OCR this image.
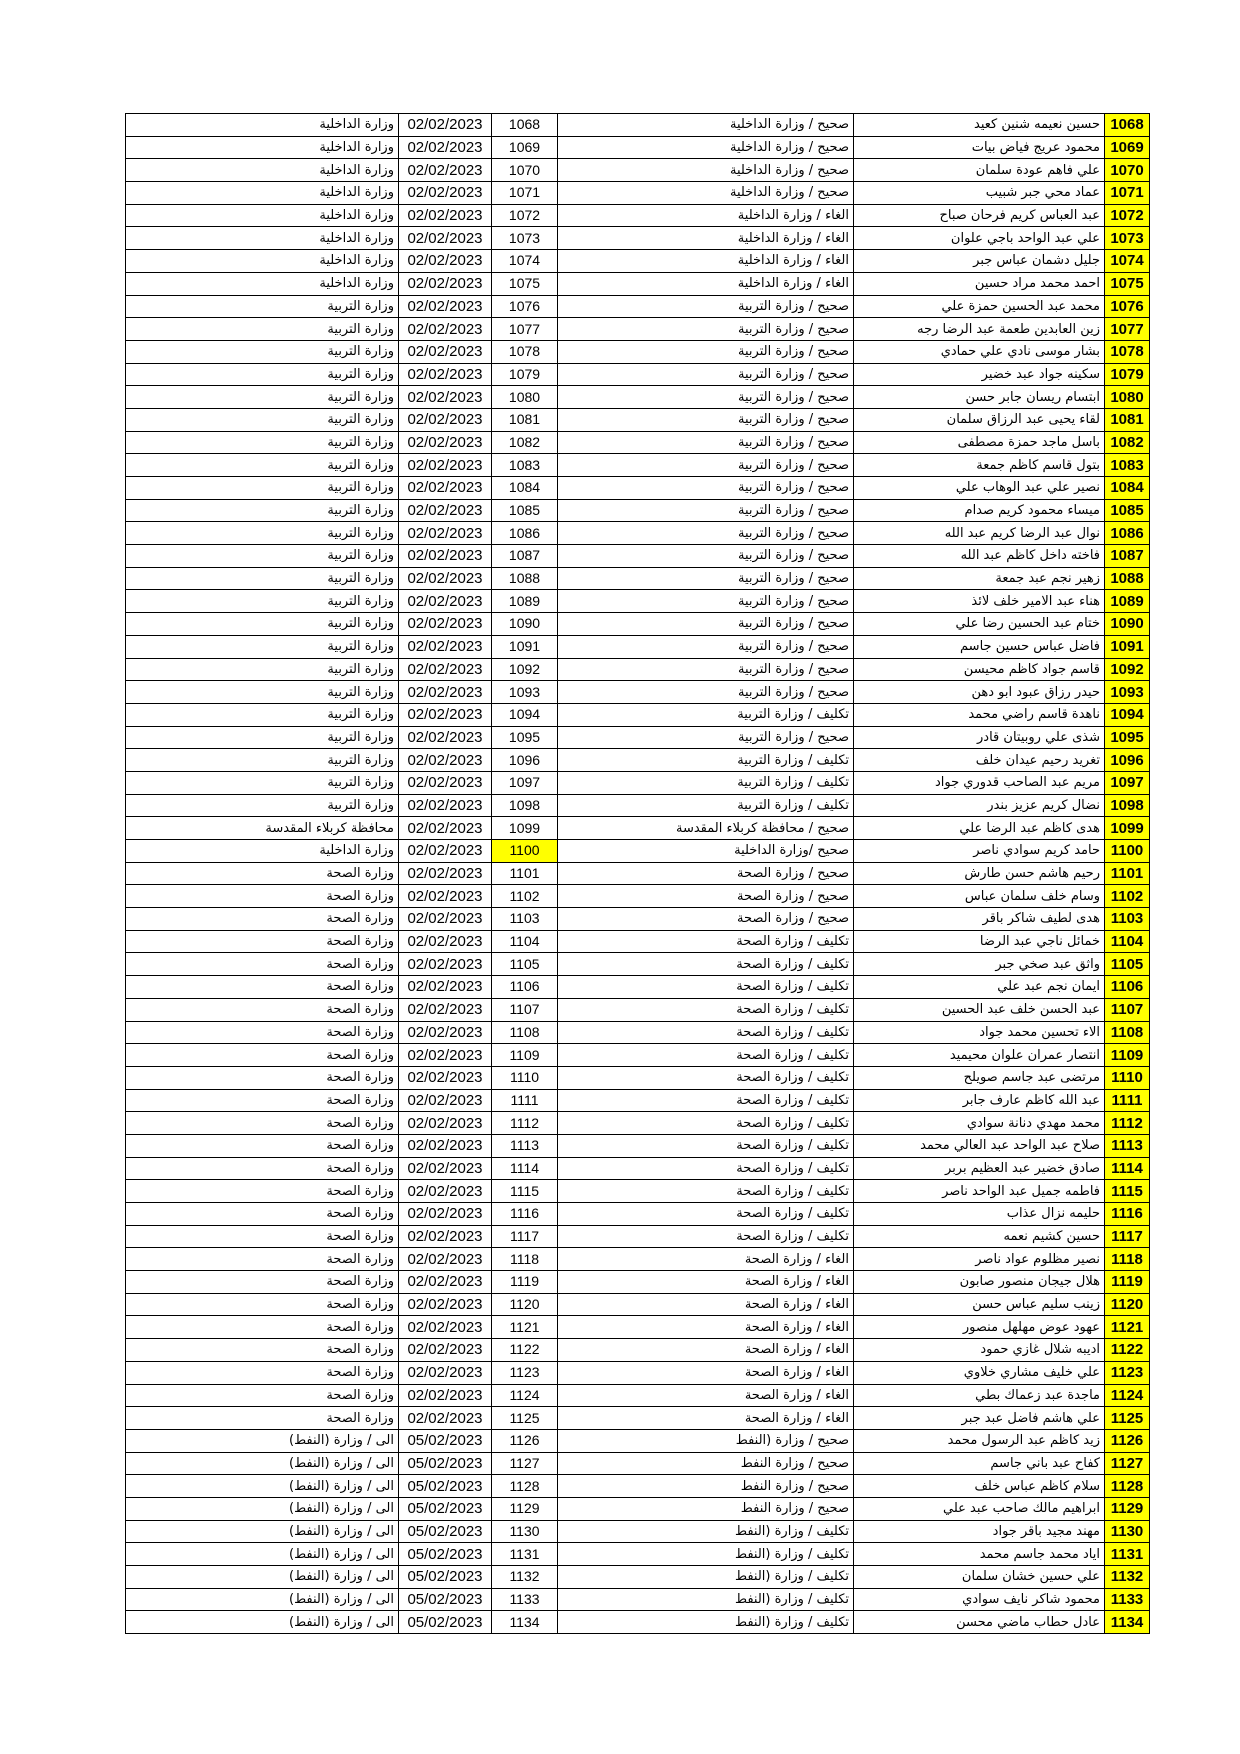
وزارة الداخلية	02/02/2023	1068	صحيح / وزارة الداخلية	حسين نعيمه شنين كعيد	1068
وزارة الداخلية	02/02/2023	1069	صحيح / وزارة الداخلية	محمود عريج فياض بيات	1069
وزارة الداخلية	02/02/2023	1070	صحيح / وزارة الداخلية	علي فاهم عودة سلمان	1070
وزارة الداخلية	02/02/2023	1071	صحيح / وزارة الداخلية	عماد محي جبر شبيب	1071
وزارة الداخلية	02/02/2023	1072	الغاء / وزارة الداخلية	عبد العباس كريم فرحان صباح	1072
وزارة الداخلية	02/02/2023	1073	الغاء / وزارة الداخلية	علي عبد الواحد باجي علوان	1073
وزارة الداخلية	02/02/2023	1074	الغاء / وزارة الداخلية	جليل دشمان عباس جبر	1074
وزارة الداخلية	02/02/2023	1075	الغاء / وزارة الداخلية	احمد محمد مراد حسين	1075
وزارة التربية	02/02/2023	1076	صحيح / وزارة التربية	محمد عبد الحسين حمزة علي	1076
وزارة التربية	02/02/2023	1077	صحيح / وزارة التربية	زين العابدين طعمة عبد الرضا رجه	1077
وزارة التربية	02/02/2023	1078	صحيح / وزارة التربية	بشار موسى نادي علي حمادي	1078
وزارة التربية	02/02/2023	1079	صحيح / وزارة التربية	سكينه جواد عبد خضير	1079
وزارة التربية	02/02/2023	1080	صحيح / وزارة التربية	ابتسام ريسان جابر حسن	1080
وزارة التربية	02/02/2023	1081	صحيح / وزارة التربية	لقاء يحيى عبد الرزاق سلمان	1081
وزارة التربية	02/02/2023	1082	صحيح / وزارة التربية	باسل ماجد حمزة مصطفى	1082
وزارة التربية	02/02/2023	1083	صحيح / وزارة التربية	بتول قاسم كاظم جمعة	1083
وزارة التربية	02/02/2023	1084	صحيح / وزارة التربية	نصير علي عبد الوهاب علي	1084
وزارة التربية	02/02/2023	1085	صحيح / وزارة التربية	ميساء محمود كريم صدام	1085
وزارة التربية	02/02/2023	1086	صحيح / وزارة التربية	نوال عبد الرضا كريم عبد الله	1086
وزارة التربية	02/02/2023	1087	صحيح / وزارة التربية	فاخته داخل كاظم عبد الله	1087
وزارة التربية	02/02/2023	1088	صحيح / وزارة التربية	زهير نجم عبد جمعة	1088
وزارة التربية	02/02/2023	1089	صحيح / وزارة التربية	هناء عبد الامير خلف لائذ	1089
وزارة التربية	02/02/2023	1090	صحيح / وزارة التربية	ختام عبد الحسين رضا علي	1090
وزارة التربية	02/02/2023	1091	صحيح / وزارة التربية	فاضل عباس حسين جاسم	1091
وزارة التربية	02/02/2023	1092	صحيح / وزارة التربية	قاسم جواد كاظم محيسن	1092
وزارة التربية	02/02/2023	1093	صحيح / وزارة التربية	حيدر رزاق عبود ابو دهن	1093
وزارة التربية	02/02/2023	1094	تكليف / وزارة التربية	ناهدة قاسم راضي محمد	1094
وزارة التربية	02/02/2023	1095	صحيح / وزارة التربية	شذى علي روبيتان قادر	1095
وزارة التربية	02/02/2023	1096	تكليف / وزارة التربية	تغريد رحيم عيدان خلف	1096
وزارة التربية	02/02/2023	1097	تكليف / وزارة التربية	مريم عبد الصاحب قدوري جواد	1097
وزارة التربية	02/02/2023	1098	تكليف / وزارة التربية	نضال كريم عزيز بندر	1098
محافظة كربلاء المقدسة	02/02/2023	1099	صحيح / محافظة كربلاء المقدسة	هدى كاظم عبد الرضا علي	1099
وزارة الداخلية	02/02/2023	1100	صحيح /وزارة الداخلية	حامد كريم سوادي ناصر	1100
وزارة الصحة	02/02/2023	1101	صحيح / وزارة الصحة	رحيم هاشم حسن طارش	1101
وزارة الصحة	02/02/2023	1102	صحيح / وزارة الصحة	وسام خلف سلمان عباس	1102
وزارة الصحة	02/02/2023	1103	صحيح / وزارة الصحة	هدى لطيف شاكر باقر	1103
وزارة الصحة	02/02/2023	1104	تكليف / وزارة الصحة	خمائل ناجي عبد الرضا	1104
وزارة الصحة	02/02/2023	1105	تكليف / وزارة الصحة	واثق عبد صخي جبر	1105
وزارة الصحة	02/02/2023	1106	تكليف / وزارة الصحة	ايمان نجم عبد علي	1106
وزارة الصحة	02/02/2023	1107	تكليف / وزارة الصحة	عبد الحسن خلف عبد الحسين	1107
وزارة الصحة	02/02/2023	1108	تكليف / وزارة الصحة	الاء تحسين محمد جواد	1108
وزارة الصحة	02/02/2023	1109	تكليف / وزارة الصحة	انتصار عمران علوان محيميد	1109
وزارة الصحة	02/02/2023	1110	تكليف / وزارة الصحة	مرتضى عبد جاسم صويلح	1110
وزارة الصحة	02/02/2023	1111	تكليف / وزارة الصحة	عبد الله كاظم عارف جابر	1111
وزارة الصحة	02/02/2023	1112	تكليف / وزارة الصحة	محمد مهدي دنانة سوادي	1112
وزارة الصحة	02/02/2023	1113	تكليف / وزارة الصحة	صلاح عبد الواحد عبد العالي محمد	1113
وزارة الصحة	02/02/2023	1114	تكليف / وزارة الصحة	صادق خضير عبد العظيم بربر	1114
وزارة الصحة	02/02/2023	1115	تكليف / وزارة الصحة	فاطمه جميل عبد الواحد ناصر	1115
وزارة الصحة	02/02/2023	1116	تكليف / وزارة الصحة	حليمه نزال عذاب	1116
وزارة الصحة	02/02/2023	1117	تكليف / وزارة الصحة	حسين كشيم نعمه	1117
وزارة الصحة	02/02/2023	1118	الغاء / وزارة الصحة	نصير مظلوم عواد ناصر	1118
وزارة الصحة	02/02/2023	1119	الغاء / وزارة الصحة	هلال جيجان منصور صابون	1119
وزارة الصحة	02/02/2023	1120	الغاء / وزارة الصحة	زينب سليم عباس حسن	1120
وزارة الصحة	02/02/2023	1121	الغاء / وزارة الصحة	عهود عوض مهلهل منصور	1121
وزارة الصحة	02/02/2023	1122	الغاء / وزارة الصحة	اديبه شلال غازي حمود	1122
وزارة الصحة	02/02/2023	1123	الغاء / وزارة الصحة	علي خليف مشاري خلاوي	1123
وزارة الصحة	02/02/2023	1124	الغاء / وزارة الصحة	ماجدة عبد زعماك بطي	1124
وزارة الصحة	02/02/2023	1125	الغاء / وزارة الصحة	علي هاشم فاضل عبد جبر	1125
الى / وزارة (النفط)	05/02/2023	1126	صحيح / وزارة (النفط	زيد كاظم عبد الرسول محمد	1126
الى / وزارة (النفط)	05/02/2023	1127	صحيح / وزارة النفط	كفاح عبد باني جاسم	1127
الى / وزارة (النفط)	05/02/2023	1128	صحيح / وزارة النفط	سلام كاظم عباس خلف	1128
الى / وزارة (النفط)	05/02/2023	1129	صحيح / وزارة النفط	ابراهيم مالك صاحب عبد علي	1129
الى / وزارة (النفط)	05/02/2023	1130	تكليف / وزارة (النفط	مهند مجيد باقر جواد	1130
الى / وزارة (النفط)	05/02/2023	1131	تكليف / وزارة (النفط	اياد محمد جاسم محمد	1131
الى / وزارة (النفط)	05/02/2023	1132	تكليف / وزارة (النفط	علي حسين خشان سلمان	1132
الى / وزارة (النفط)	05/02/2023	1133	تكليف / وزارة (النفط	محمود شاكر نايف سوادي	1133
الى / وزارة (النفط)	05/02/2023	1134	تكليف / وزارة (النفط	عادل حطاب ماضي محسن	1134
